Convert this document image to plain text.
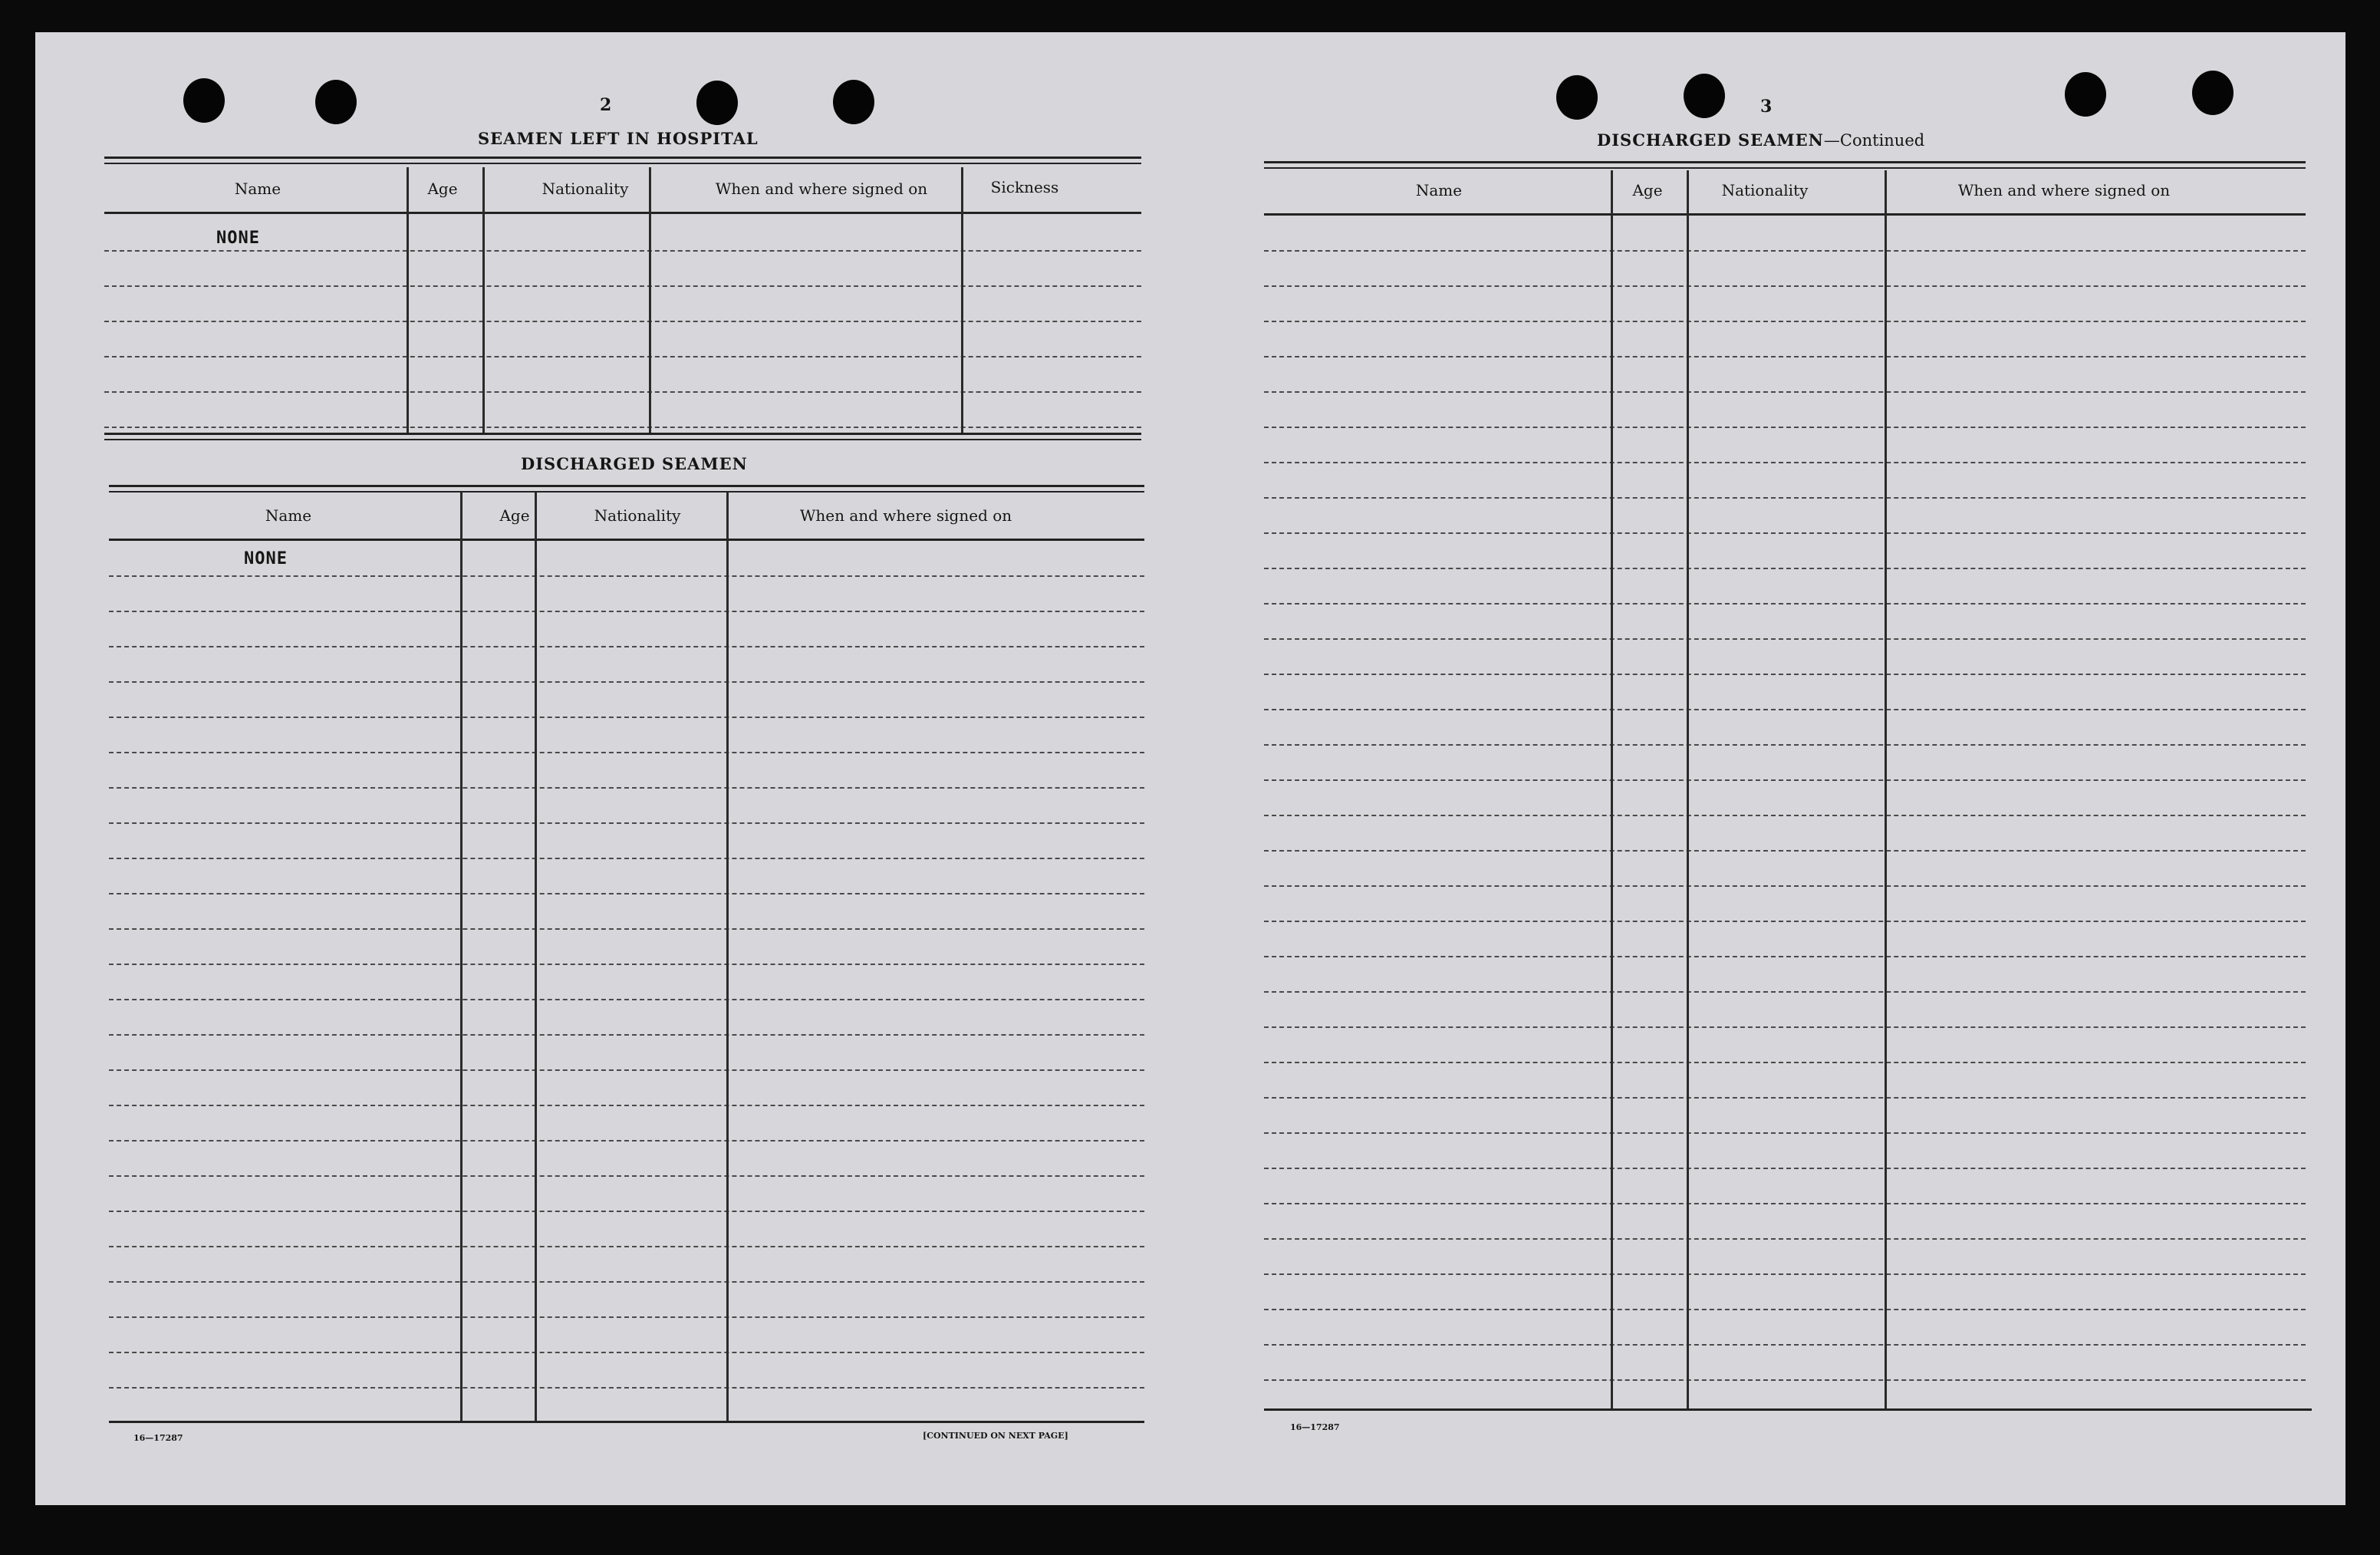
2
SEAMEN LEFT IN HOSPITAL
Name	Age	Nationality	When and where signed on	Sickness
NONE
DISCHARGED SEAMEN
Name	Age	Nationality	When and where signed on
NONE
16—17287	[CONTINUED ON NEXT PAGE]
3
DISCHARGED SEAMEN—Continued
Name	Age	Nationality	When and where signed on
16—17287
